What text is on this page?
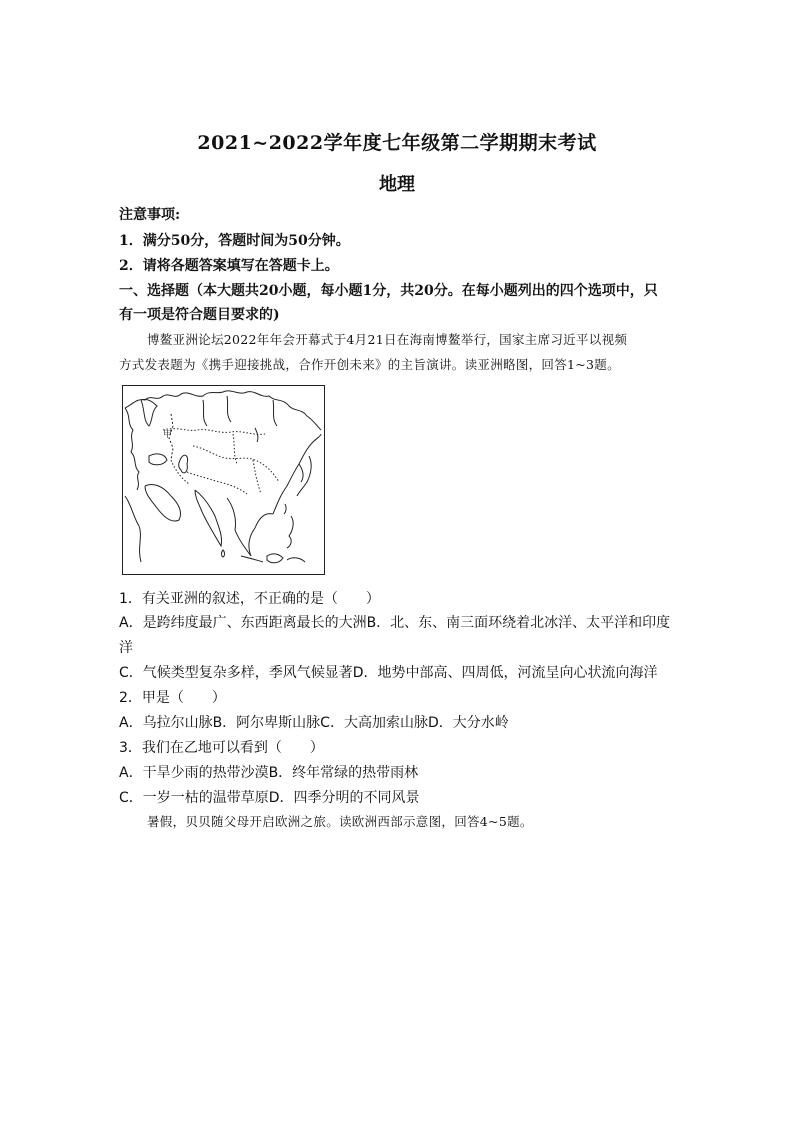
2021~2022学年度七年级第二学期期末考试
地理
注意事项:
1．满分50分，答题时间为50分钟。
2．请将各题答案填写在答题卡上。
一、选择题（本大题共20小题，每小题1分，共20分。在每小题列出的四个选项中，只
有一项是符合题目要求的)
博鳌亚洲论坛2022年年会开幕式于4月21日在海南博鳌举行，国家主席习近平以视频
方式发表题为《携手迎接挑战，合作开创未来》的主旨演讲。读亚洲略图，回答1~3题。
甲
1．有关亚洲的叙述，不正确的是（　　）
A．是跨纬度最广、东西距离最长的大洲B．北、东、南三面环绕着北冰洋、太平洋和印度
洋
C．气候类型复杂多样，季风气候显著D．地势中部高、四周低，河流呈向心状流向海洋
2．甲是（　　）
A．乌拉尔山脉B．阿尔卑斯山脉C．大高加索山脉D．大分水岭
3．我们在乙地可以看到（　　）
A．干旱少雨的热带沙漠B．终年常绿的热带雨林
C．一岁一枯的温带草原D．四季分明的不同风景
暑假，贝贝随父母开启欧洲之旅。读欧洲西部示意图，回答4~5题。
